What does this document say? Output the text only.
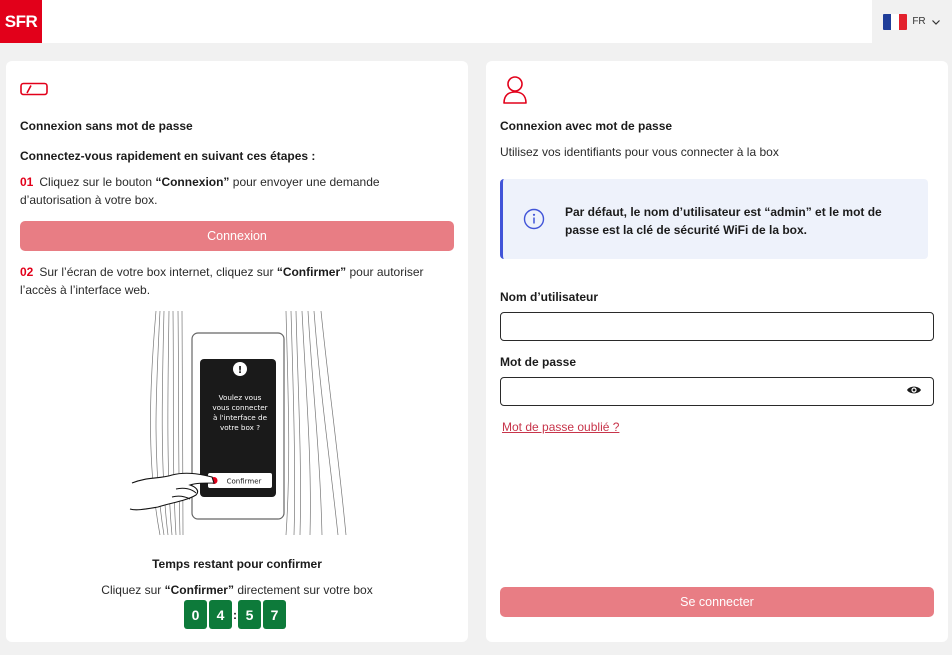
SFR	FR
Connexion sans mot de passe
Connectez-vous rapidement en suivant ces étapes :
01 Cliquez sur le bouton “Connexion” pour envoyer une demande d’autorisation à votre box.
Connexion
02 Sur l’écran de votre box internet, cliquez sur “Confirmer” pour autoriser l’accès à l’interface web.
!
Voulez vous
vous connecter
à l'interface de
votre box ?
Confirmer
Temps restant pour confirmer
Cliquez sur “Confirmer” directement sur votre box
0	4 : 5	7
Connexion avec mot de passe
Utilisez vos identifiants pour vous connecter à la box
Par défaut, le nom d’utilisateur est “admin” et le mot de passe est la clé de sécurité WiFi de la box.
Nom d’utilisateur
Mot de passe
Mot de passe oublié ?
Se connecter
